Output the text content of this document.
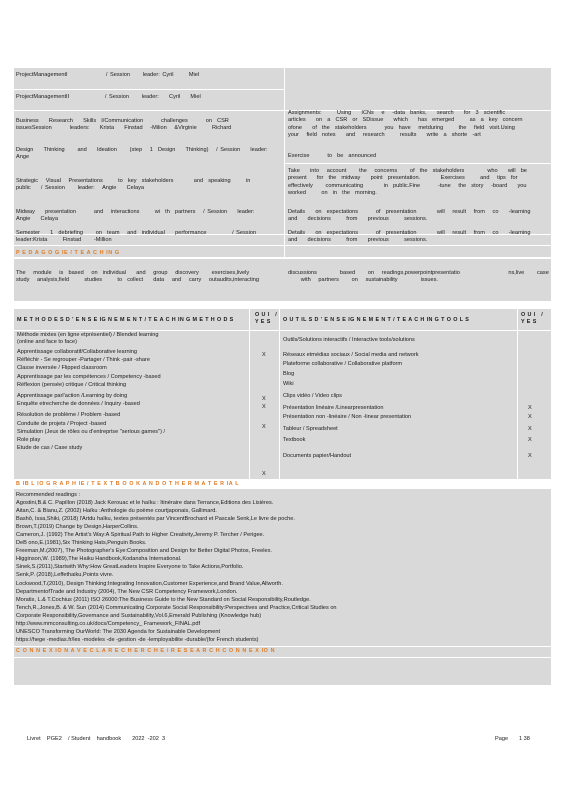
ProjectManagementI               / Session     leader: Cyril      Miel
ProjectManagementII              / Session     leader:    Cyril    Miel
Business    Research    Skills  I/Communication       challenges       on  CSR
issuesSession       leaders:    Krista    Finstad   -Milion   &Virginie      Richard
Design    Thinking     and    Ideation     (step   1  Design    Thinking)   / Session    leader:
Ange
Strategic   Visual   Presentations      to  key  stakeholders        and  speaking      in
public    / Session     leader:   Angie    Celaya
Midway    presentation       and   interactions      wi  th  partners   / Session    leader:
Angie    Celaya
Semester    1  debriefing     on  team   and  individual    performance          / Session
leader:Krista      Finstad     -Million
Assignments:      Using    ICNs   e   -data  banks,    search    for  3  scientific
articles    on  a  CSR  or  SDissue    which    has  emerged      as  a  key  concern
ofone    of  the  stakeholders       you  have   metduring      the   field  visit.Using
your   field  notes    and   research      results    write  a  shorte  -art
Exercise       to  be  announced
Take    into   account     the   concerns     of  the  stakeholders         who    will  be
present    for  the  midway    point  presentation.        Exercises      and   tips  for
effectively     communicating        in  public.Fine       -tune   the  story   -board    you
worked      on  in  the  morning.
Details    on  expectations       of  presentation        will   result   from   co    -learning
and    decisions      from    previous      sessions.
Details    on  expectations       of  presentation        will   result   from   co    -learning
and    decisions      from    previous      sessions.
P E D A G O G IE / T E A C H IN G
The   module   is  based   on  individual    and   group   discovery     exercises,lively
study   analysis,field      studies      to  collect    data   and   carry   outaudits,interacting
discussions         based     on   readings,powerpointpresentatio                   ns,live     case
with   partners     on   sustainability         issues.
M E T H O D E S D ' E N S E IG N E M E N T / T E A C H IN G M E T H O D S
O U I   /
Y E S	O U T IL S D ' E N S E IG N E M E N T / T E A C H IN G T O O L S
O U I   /
Y E S
Méthode mixtes (en ligne etprésentiel) / Blended learning
(online and face to face)
Apprentissage collaboratif/Collaborative learning
Réfléchir - Se regrouper -Partager / Think -pair -share
Classe inversée / Flipped classroom
Apprentissage par les compétences / Competency -based
Réflexion (pensée) critique / Critical thinking
Apprentissage parl'action /Learning by doing
Enquête etrecherche de données / Inquiry -based
Résolution de problème / Problem -based
Conduite de projets / Project -based
Simulation (Jeux de rôles ou d'entreprise "serious games") /
Role play
Etude de cas / Case study
X
X
X
X
X
Outils/Solutions interactifs / Interactive tools/solutions
Réseaux etmédias sociaux / Social media and network
Plateforme collaborative / Collaborative platform
Blog
Wiki
Clips vidéo / Video clips
Présentation linéaire /Linearpresentation
Présentation non -linéaire / Non -linear presentation
Tableur / Spreadsheet
Textbook
Documents papier/Handout
X
X
X
X
X
B IB L IO G R A P H IE / T E X T B O O K A N D O T H E R M A T E R IA L
Recommended readings :
Agostini,B.& C. Papillon (2018) Jack Kerouac et le haïku : Itinéraire dans Terrance,Editions des Lisières.
Aitan,C. & Bianu,Z. (2002) Haïku :Anthologie du poème courtjaponais, Gallimard.
Bashô, Issa,Shiki, (2018) l'Artdu haïku, textes présentés par VincentBrochard et Pascale Senk,Le livre de poche.
Brown,T.(2019) Change by Design,HarperCollins.
Cameron,J. (1992) The Artist's Way:A Spiritual Path to Higher Creativity,Jeremy P. Tercher / Perigee.
DeB ono,E.(1981),Six Thinking Hats,Penguin Books.
Freeman,M.(2007), The Photographer's Eye:Composition and Design for Better Digital Photos, Freelex.
Higginson,W. (1989),The Haiku Handbook,Kodansha International.
Sinek,S.(2011),Startwith Why:How GreatLeaders Inspire Everyone to Take Actions,Portfolio.
Senk,P. (2018),Leffethaiku,Points vivre.
Lockwood,T.(2010), Design Thinking:Integrating Innovation,Customer Experience,and Brand Value,Allworth.
DepartmentofTrade and Industry (2004), The New CSR Competency Framework,London.
Moratis, L.& T.Cochius (2011) ISO 26000:The Business Guide to the New Standard on Social Responsibility,Routledge.
Tench,R.,Jones,B. & W. Sun (2014) Communicating Corporate Social Responsibility:Perspectives and Practice,Critical Studies on
Corporate Responsibility,Governance and Sustainability,Vol.6,Emerald Publishing (Knowledge hub)
http://www.mmconsulting.co.uk/docs/Competency_ Framework_FINAL.pdf
UNESCO Transforming OurWorld: The 2030 Agenda for Sustainable Development
https://hege -medias.fr/les -modeles -de -gestion -de -lemployabilite -durable/(for French students)
C O N N E X IO N A V E C L A R E C H E R C H E / R E S E A R C H C O N N E X IO N
Livret    PGE2    / Student    handbook       2022  -202  3	Page       1 38
